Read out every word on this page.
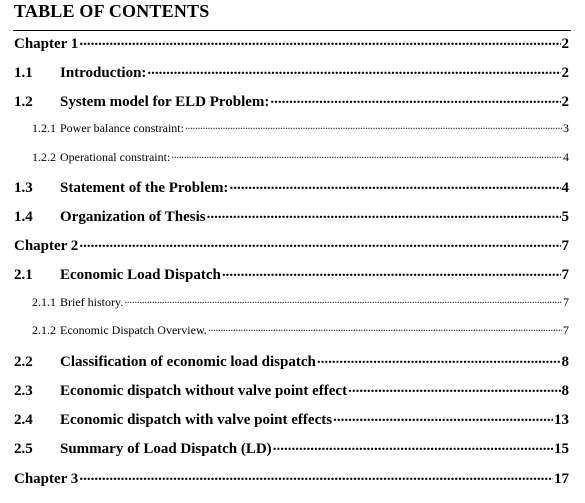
TABLE OF CONTENTS
Chapter 1 .....	2
1.1	Introduction: .....	2
1.2	System model for ELD Problem: .....	2
1.2.1 Power balance constraint: .....	3
1.2.2 Operational constraint: .....	4
1.3	Statement of the Problem: .....	4
1.4	Organization of Thesis .....	5
Chapter 2 .....	7
2.1	Economic Load Dispatch .....	7
2.1.1 Brief history. .....	7
2.1.2 Economic Dispatch Overview. .....	7
2.2	Classification of economic load dispatch .....	8
2.3	Economic dispatch without valve point effect .....	8
2.4	Economic dispatch with valve point effects .....	13
2.5	Summary of Load Dispatch (LD) .....	15
Chapter 3 .....	17
